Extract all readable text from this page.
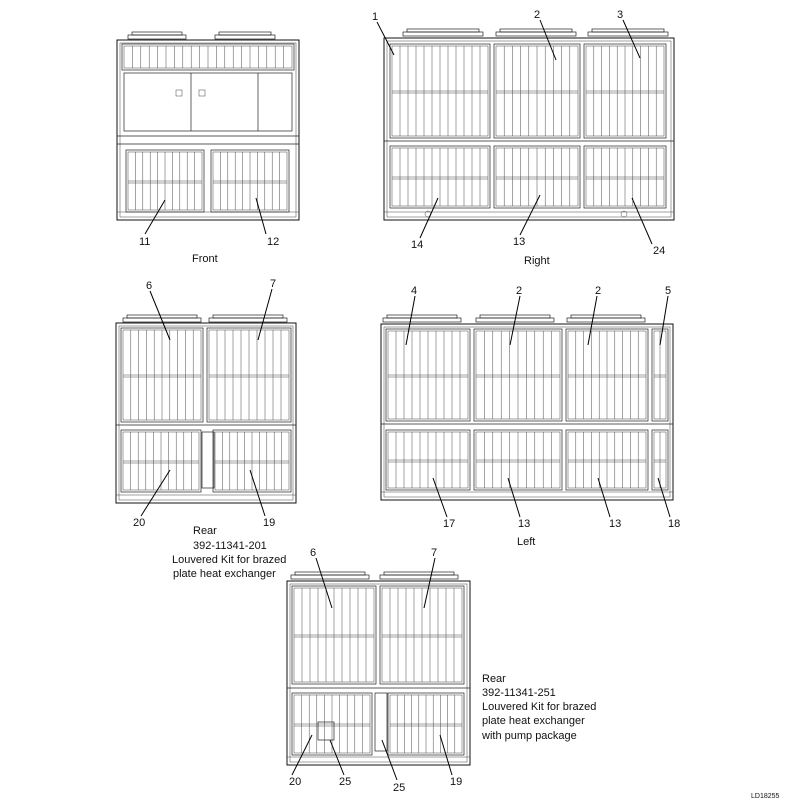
11	12
Front
1	2	3
14	13
24
Right
6	7
20	19
Rear
392-11341-201
Louvered Kit for brazed
plate heat exchanger
4	2	2	5
17	13	13	18
Left
6	7
20	25	25	19
Rear
392-11341-251
Louvered Kit for brazed
plate heat exchanger
with pump package
LD18255
